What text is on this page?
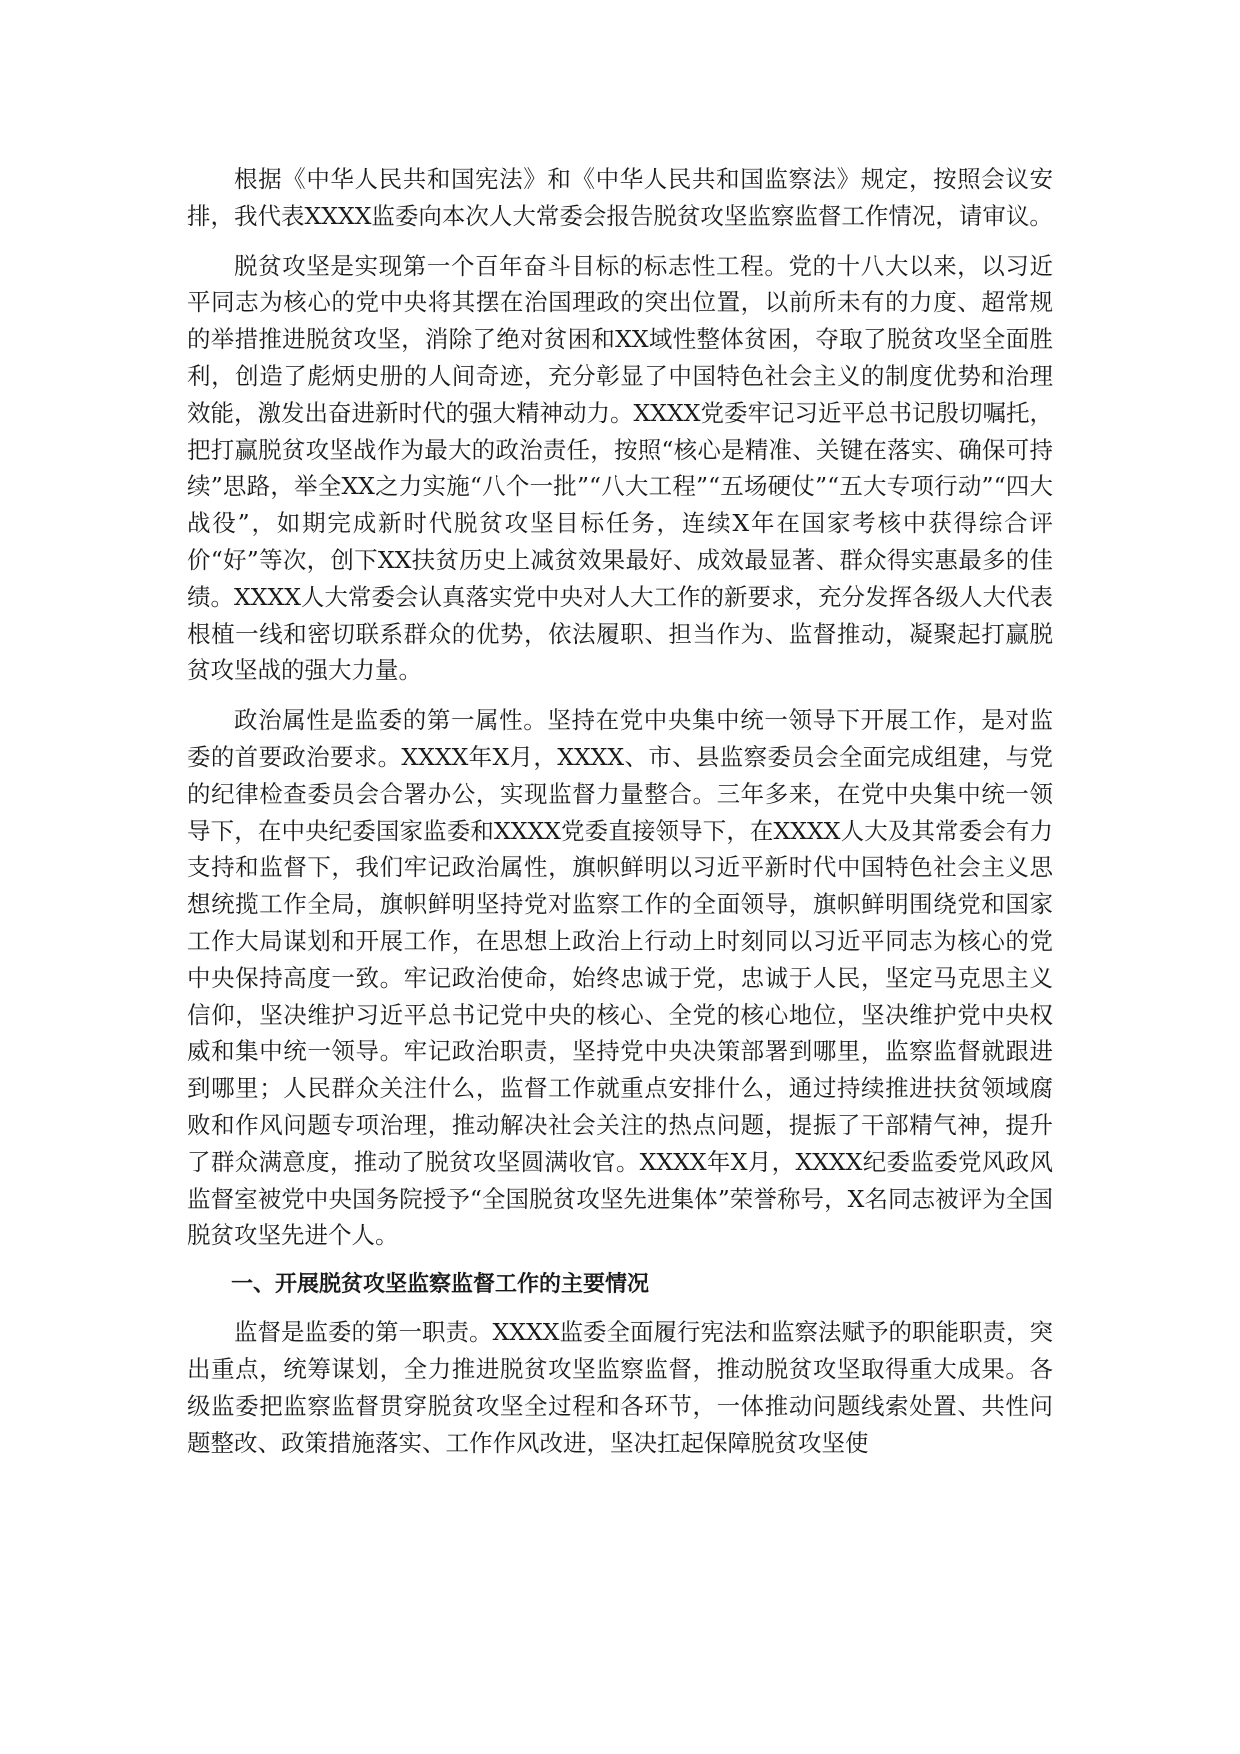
根据《中华人民共和国宪法》和《中华人民共和国监察法》规定，按照会议安排，我代表XXXX监委向本次人大常委会报告脱贫攻坚监察监督工作情况，请审议。

脱贫攻坚是实现第一个百年奋斗目标的标志性工程。党的十八大以来，以习近平同志为核心的党中央将其摆在治国理政的突出位置，以前所未有的力度、超常规的举措推进脱贫攻坚，消除了绝对贫困和XX域性整体贫困，夺取了脱贫攻坚全面胜利，创造了彪炳史册的人间奇迹，充分彰显了中国特色社会主义的制度优势和治理效能，激发出奋进新时代的强大精神动力。XXXX党委牢记习近平总书记殷切嘱托，把打赢脱贫攻坚战作为最大的政治责任，按照“核心是精准、关键在落实、确保可持续”思路，举全XX之力实施“八个一批”“八大工程”“五场硬仗”“五大专项行动”“四大战役”，如期完成新时代脱贫攻坚目标任务，连续X年在国家考核中获得综合评价“好”等次，创下XX扶贫历史上减贫效果最好、成效最显著、群众得实惠最多的佳绩。XXXX人大常委会认真落实党中央对人大工作的新要求，充分发挥各级人大代表根植一线和密切联系群众的优势，依法履职、担当作为、监督推动，凝聚起打赢脱贫攻坚战的强大力量。

政治属性是监委的第一属性。坚持在党中央集中统一领导下开展工作，是对监委的首要政治要求。XXXX年X月，XXXX、市、县监察委员会全面完成组建，与党的纪律检查委员会合署办公，实现监督力量整合。三年多来，在党中央集中统一领导下，在中央纪委国家监委和XXXX党委直接领导下，在XXXX人大及其常委会有力支持和监督下，我们牢记政治属性，旗帜鲜明以习近平新时代中国特色社会主义思想统揽工作全局，旗帜鲜明坚持党对监察工作的全面领导，旗帜鲜明围绕党和国家工作大局谋划和开展工作，在思想上政治上行动上时刻同以习近平同志为核心的党中央保持高度一致。牢记政治使命，始终忠诚于党，忠诚于人民，坚定马克思主义信仰，坚决维护习近平总书记党中央的核心、全党的核心地位，坚决维护党中央权威和集中统一领导。牢记政治职责，坚持党中央决策部署到哪里，监察监督就跟进到哪里；人民群众关注什么，监督工作就重点安排什么，通过持续推进扶贫领域腐败和作风问题专项治理，推动解决社会关注的热点问题，提振了干部精气神，提升了群众满意度，推动了脱贫攻坚圆满收官。XXXX年X月，XXXX纪委监委党风政风监督室被党中央国务院授予“全国脱贫攻坚先进集体”荣誉称号，X名同志被评为全国脱贫攻坚先进个人。

一、开展脱贫攻坚监察监督工作的主要情况

监督是监委的第一职责。XXXX监委全面履行宪法和监察法赋予的职能职责，突出重点，统筹谋划，全力推进脱贫攻坚监察监督，推动脱贫攻坚取得重大成果。各级监委把监察监督贯穿脱贫攻坚全过程和各环节，一体推动问题线索处置、共性问题整改、政策措施落实、工作作风改进，坚决扛起保障脱贫攻坚使
